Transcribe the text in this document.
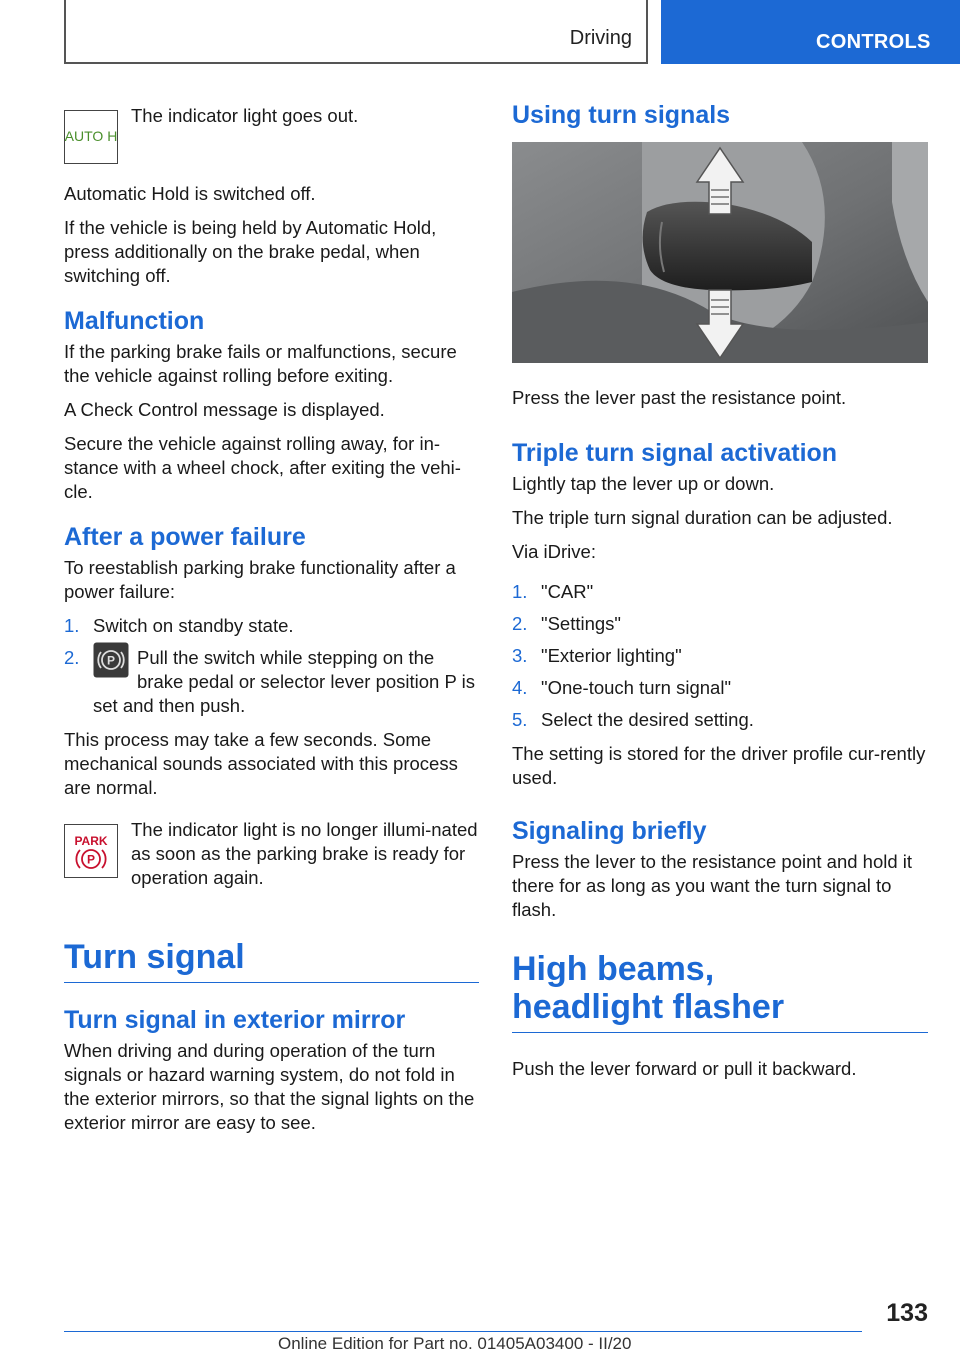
Driving	CONTROLS
AUTO H
The indicator light goes out.

Automatic Hold is switched off.

If the vehicle is being held by Automatic Hold, press additionally on the brake pedal, when switching off.

Malfunction

If the parking brake fails or malfunctions, secure the vehicle against rolling before exiting.

A Check Control message is displayed.

Secure the vehicle against rolling away, for in‐stance with a wheel chock, after exiting the vehi‐cle.

After a power failure

To reestablish parking brake functionality after a power failure:

1. Switch on standby state.
2.	P Pull the switch while stepping on the brake pedal or selector lever position P is set and then push.

This process may take a few seconds. Some mechanical sounds associated with this process are normal.

PARK
P
The indicator light is no longer illumi‐nated as soon as the parking brake is ready for operation again.
Turn signal
Turn signal in exterior mirror

When driving and during operation of the turn signals or hazard warning system, do not fold in the exterior mirrors, so that the signal lights on the exterior mirror are easy to see.

Using turn signals

Press the lever past the resistance point.

Triple turn signal activation

Lightly tap the lever up or down.

The triple turn signal duration can be adjusted.

Via iDrive:

1. "CAR"
2. "Settings"
3. "Exterior lighting"
4. "One-touch turn signal"
5. Select the desired setting.

The setting is stored for the driver profile cur‐rently used.

Signaling briefly

Press the lever to the resistance point and hold it there for as long as you want the turn signal to flash.

High beams,
headlight flasher

Push the lever forward or pull it backward.

133
Online Edition for Part no. 01405A03400 - II/20
